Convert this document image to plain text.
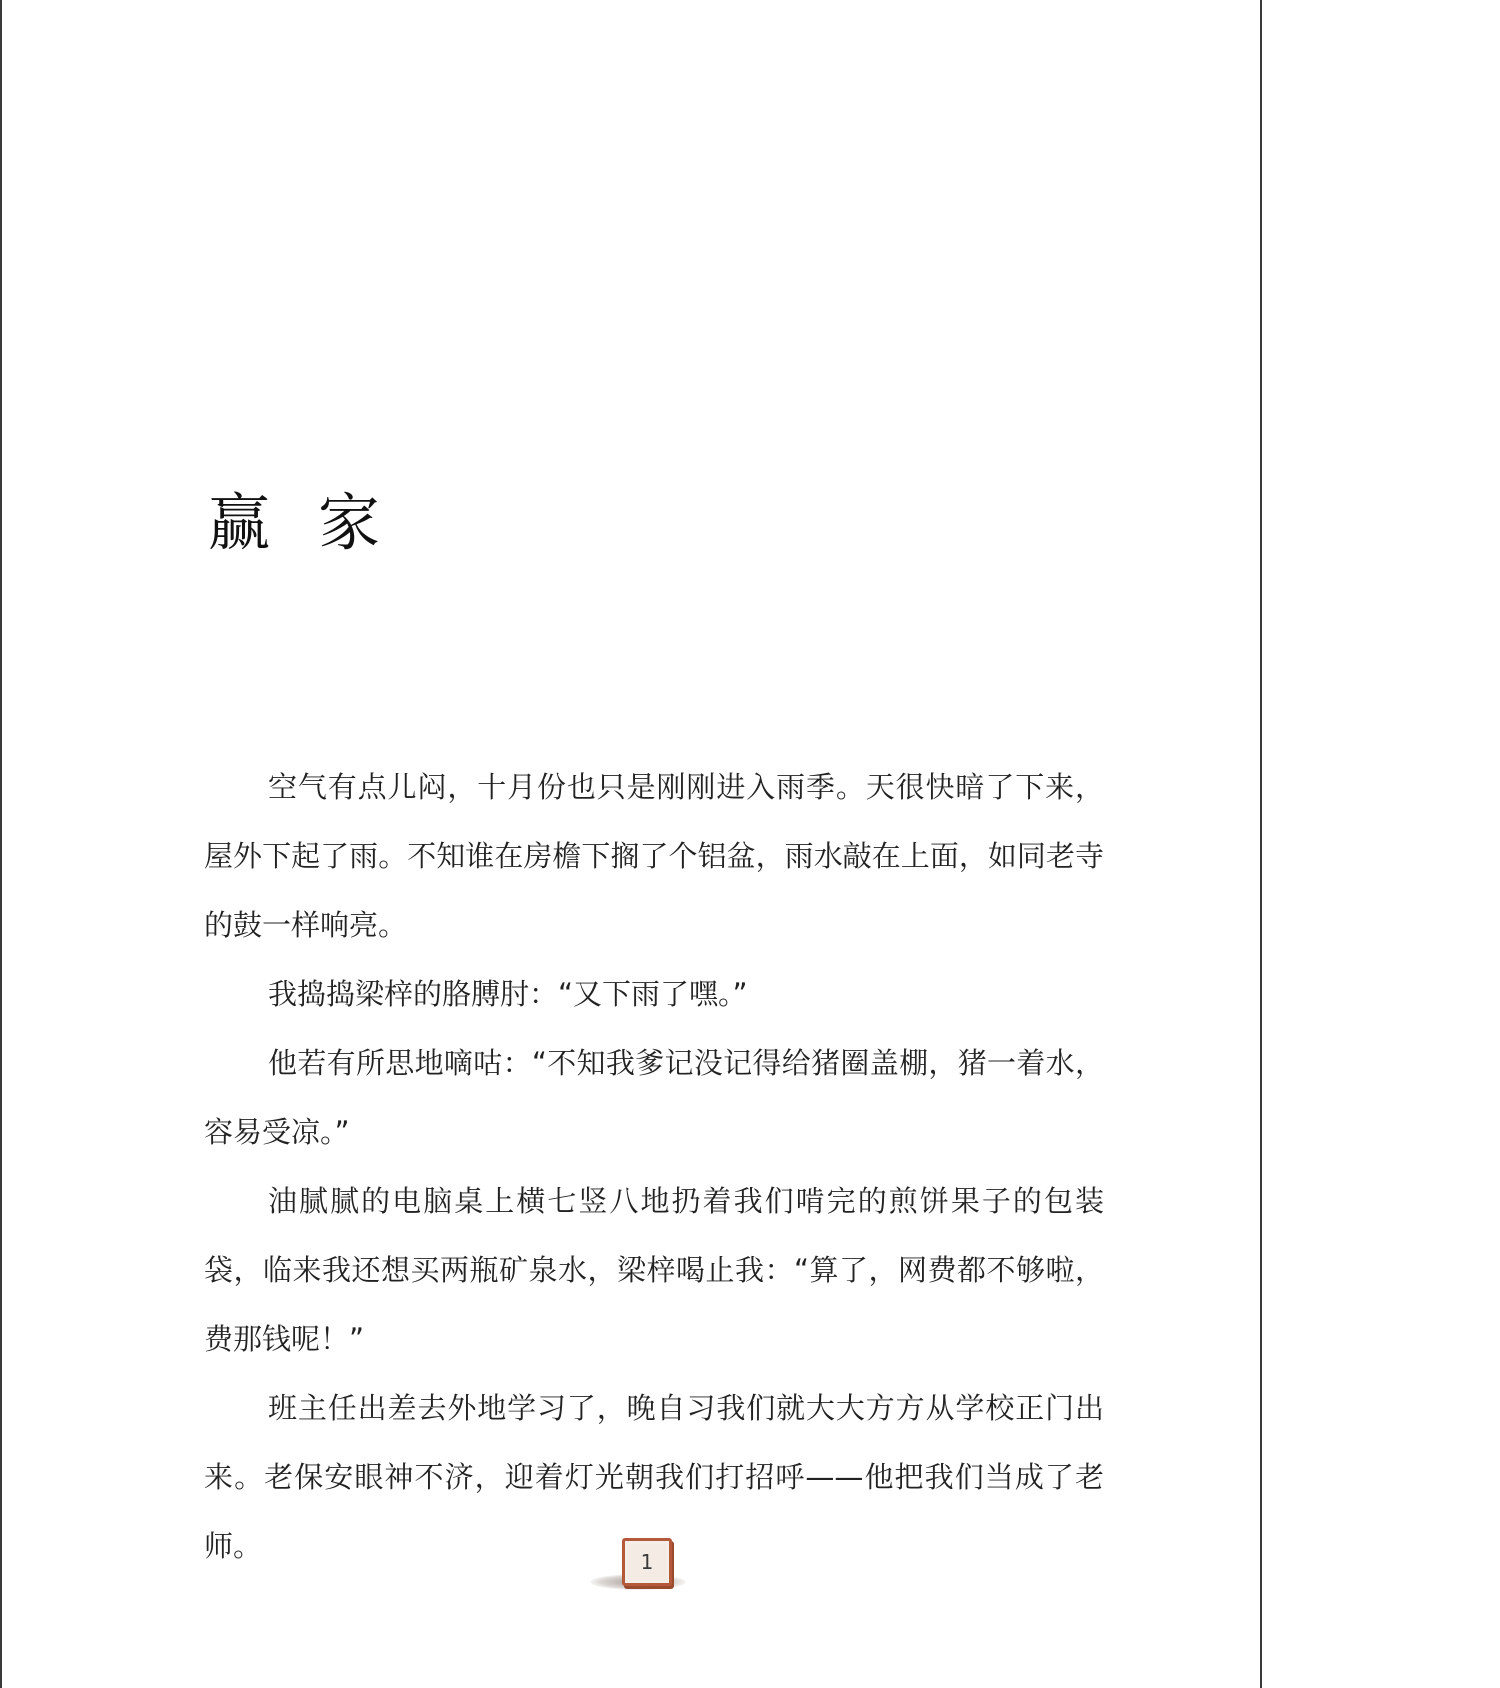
赢家

空气有点儿闷，十月份也只是刚刚进入雨季。天很快暗了下来，屋外下起了雨。不知谁在房檐下搁了个铝盆，雨水敲在上面，如同老寺的鼓一样响亮。

我捣捣梁梓的胳膊肘：“又下雨了嘿。”

他若有所思地嘀咕：“不知我爹记没记得给猪圈盖棚，猪一着水，容易受凉。”

油腻腻的电脑桌上横七竖八地扔着我们啃完的煎饼果子的包装袋，临来我还想买两瓶矿泉水，梁梓喝止我：“算了，网费都不够啦，费那钱呢！”

班主任出差去外地学习了，晚自习我们就大大方方从学校正门出来。老保安眼神不济，迎着灯光朝我们打招呼——他把我们当成了老师。	1
